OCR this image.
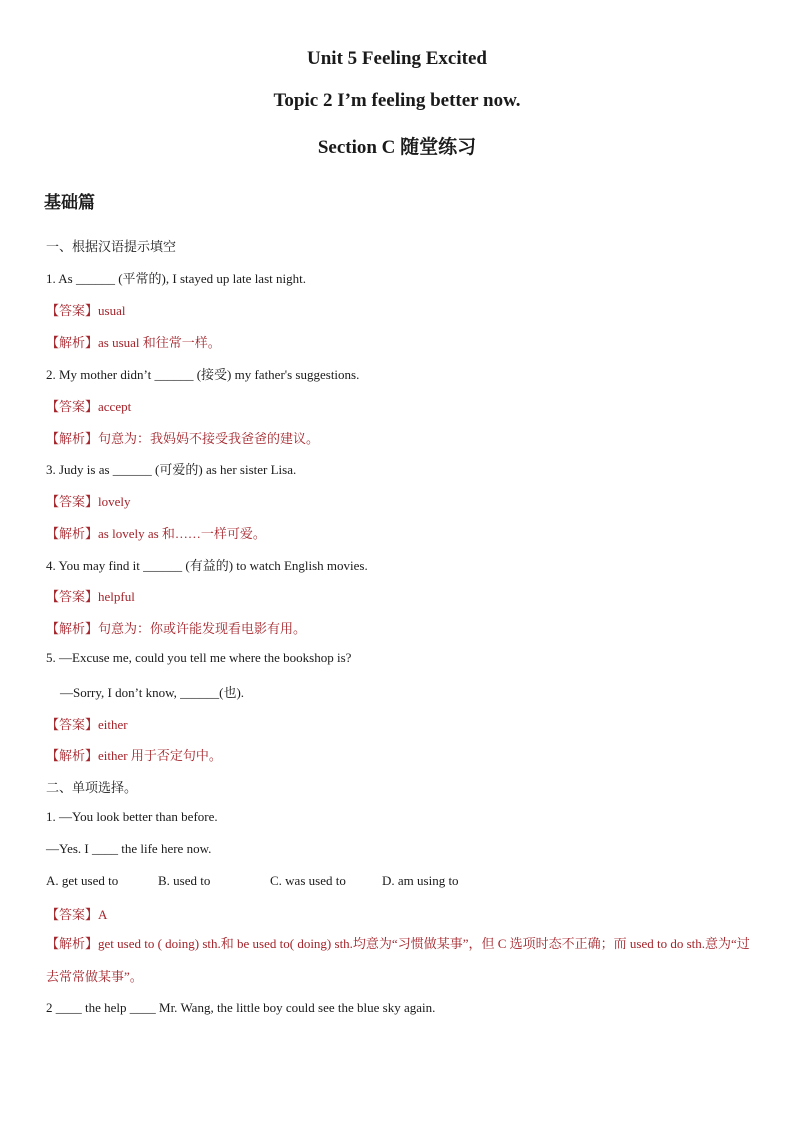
Unit 5 Feeling Excited
Topic 2 I’m feeling better now.
Section C 随堂练习
基础篇
一、根据汉语提示填空
1. As ______ (平常的), I stayed up late last night.
【答案】usual
【解析】as usual 和往常一样。
2. My mother didn’t ______ (接受) my father's suggestions.
【答案】accept
【解析】句意为：我妈妈不接受我爸爸的建议。
3. Judy is as ______ (可爱的) as her sister Lisa.
【答案】lovely
【解析】as lovely as 和……一样可爱。
4. You may find it ______ (有益的) to watch English movies.
【答案】helpful
【解析】句意为：你或许能发现看电影有用。
5. —Excuse me, could you tell me where the bookshop is?
—Sorry, I don’t know, ______(也).
【答案】either
【解析】either 用于否定句中。
二、单项选择。
1. —You look better than before.
—Yes. I ____ the life here now.
A. get used to	B. used to	C. was used to	D. am using to
【答案】A
【解析】get used to ( doing) sth.和 be used to( doing) sth.均意为“习惯做某事”，但 C 选项时态不正确；而 used to do sth.意为“过去常常做某事”。
2 ____ the help ____ Mr. Wang, the little boy could see the blue sky again.
